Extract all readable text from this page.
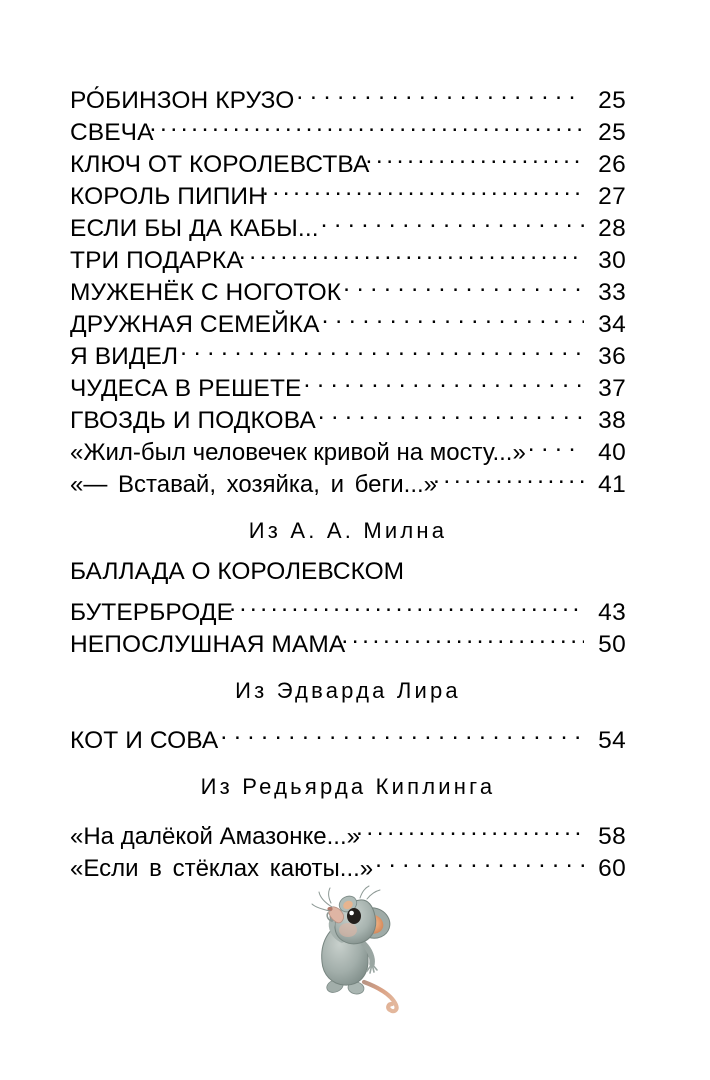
РО́БИНЗОН КРУЗО . . .	25
СВЕЧА .....	25
КЛЮЧ ОТ КОРОЛЕВСТВА .....	26
КОРОЛЬ ПИПИН .....	27
ЕСЛИ БЫ ДА КАБЫ... . . .	28
ТРИ ПОДАРКА .....	30
МУЖЕНЁК С НОГОТОК . . .	33
ДРУЖНАЯ СЕМЕЙКА . . .	34
Я ВИДЕЛ . . .	36
ЧУДЕСА В РЕШЕТЕ . . .	37
ГВОЗДЬ И ПОДКОВА . . .	38
«Жил-был человечек кривой на мосту...» . . .	40
«— Вставай, хозяйка, и беги...» .....	41
Из А. А. Милна
БАЛЛАДА О КОРОЛЕВСКОМ
БУТЕРБРОДЕ .....	43
НЕПОСЛУШНАЯ МАМА .....	50
Из Эдварда Лира
КОТ И СОВА . . .	54
Из Редьярда Киплинга
«На далёкой Амазонке...» .....	58
«Если в стёклах каюты...» . . .	60
